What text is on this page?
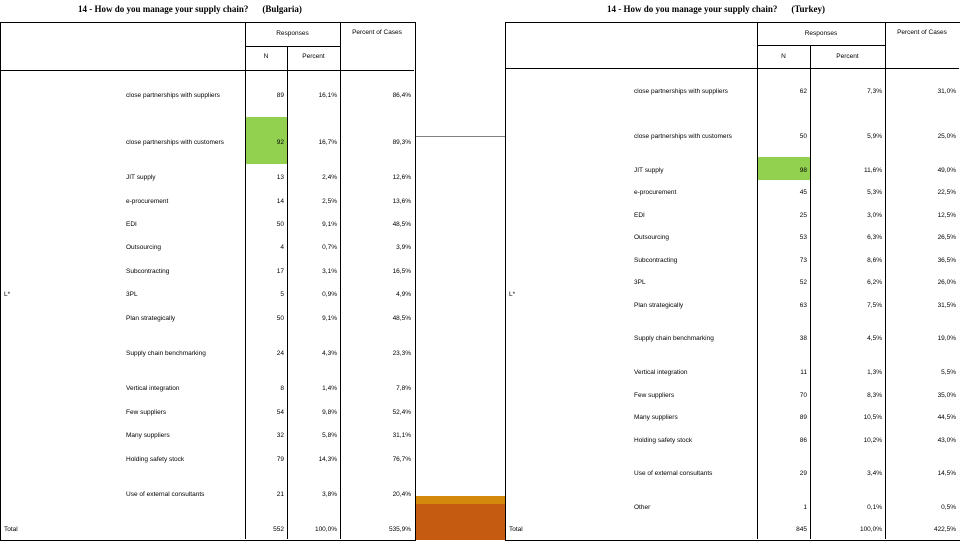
14 - How do you manage your supply chain? (Bulgaria)
Responses	Percent of Cases
N	Percent
L*
close partnerships with suppliers	89	16,1%	86,4%
close partnerships with customers	92	16,7%	89,3%
JIT supply	13	2,4%	12,6%
e-procurement	14	2,5%	13,6%
EDI	50	9,1%	48,5%
Outsourcing	4	0,7%	3,9%
Subcontracting	17	3,1%	16,5%
3PL	5	0,9%	4,9%
Plan strategically	50	9,1%	48,5%
Supply chain benchmarking	24	4,3%	23,3%
Vertical integration	8	1,4%	7,8%
Few suppliers	54	9,8%	52,4%
Many suppliers	32	5,8%	31,1%
Holding safety stock	79	14,3%	76,7%
Use of external consultants	21	3,8%	20,4%
Total	552	100,0%	535,9%
14 - How do you manage your supply chain? (Turkey)
Responses	Percent of Cases
N	Percent
L*
close partnerships with suppliers	62	7,3%	31,0%
close partnerships with customers	50	5,9%	25,0%
JIT supply	98	11,6%	49,0%
e-procurement	45	5,3%	22,5%
EDI	25	3,0%	12,5%
Outsourcing	53	6,3%	26,5%
Subcontracting	73	8,6%	36,5%
3PL	52	6,2%	26,0%
Plan strategically	63	7,5%	31,5%
Supply chain benchmarking	38	4,5%	19,0%
Vertical integration	11	1,3%	5,5%
Few suppliers	70	8,3%	35,0%
Many suppliers	89	10,5%	44,5%
Holding safety stock	86	10,2%	43,0%
Use of external consultants	29	3,4%	14,5%
Other	1	0,1%	0,5%
Total	845	100,0%	422,5%
